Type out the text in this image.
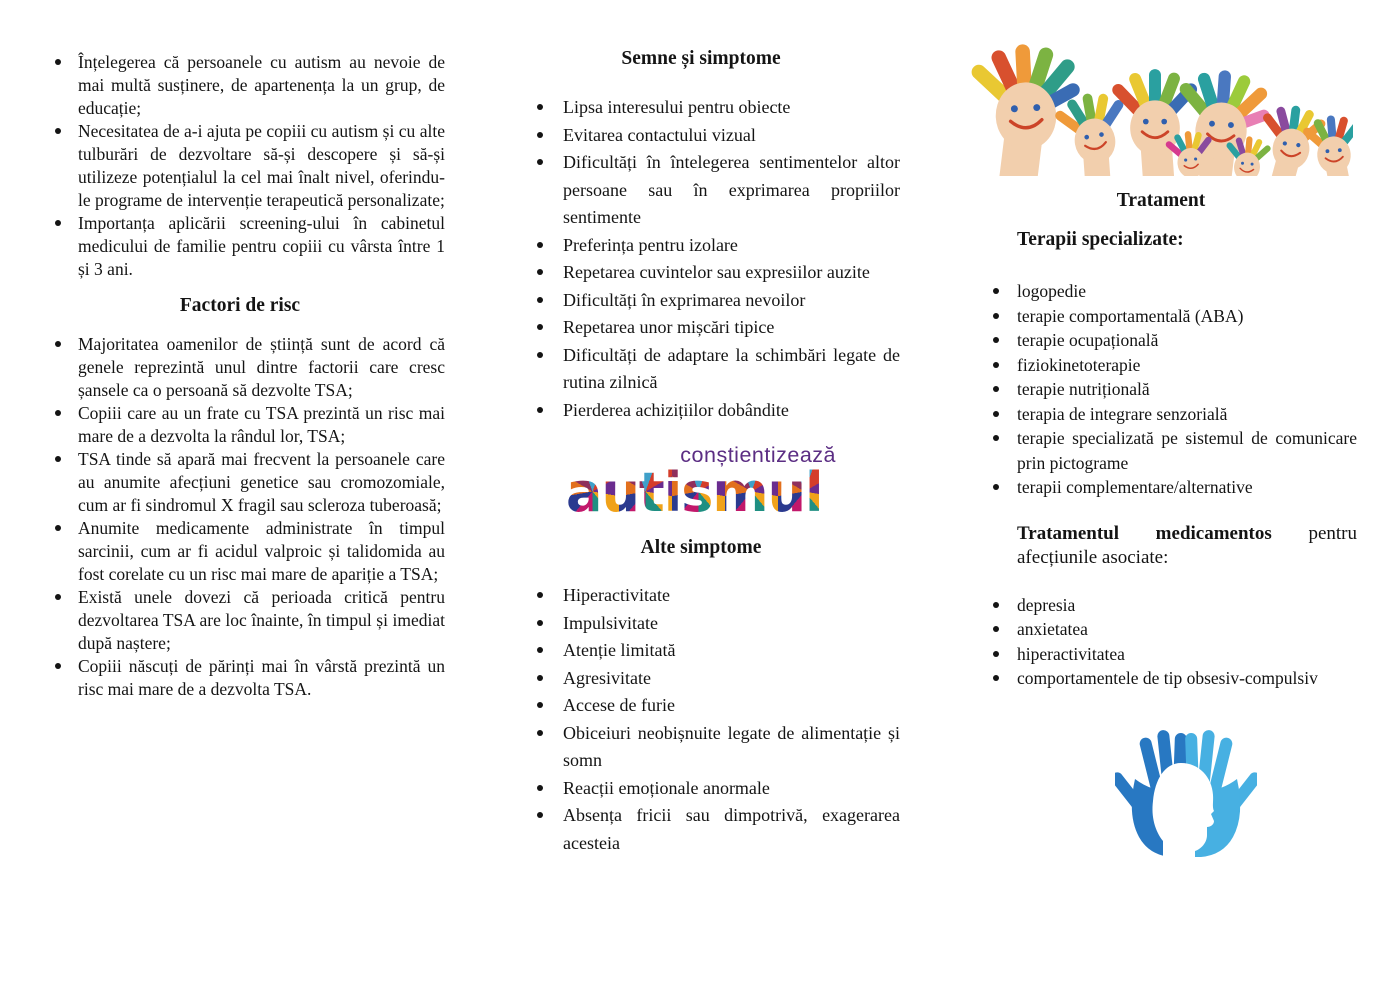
Înțelegerea că persoanele cu autism au nevoie de mai multă susținere, de apartenența la un grup, de educație;
Necesitatea de a-i ajuta pe copiii cu autism și cu alte tulburări de dezvoltare să-și descopere și să-și utilizeze potențialul la cel mai înalt nivel, oferindu-le programe de intervenție terapeutică personalizate;
Importanța aplicării screening-ului în cabinetul medicului de familie pentru copiii cu vârsta între 1 și 3 ani.
Factori de risc
Majoritatea oamenilor de știință sunt de acord că genele reprezintă unul dintre factorii care cresc șansele ca o persoană să dezvolte TSA;
Copiii care au un frate cu TSA prezintă un risc mai mare de a dezvolta la rândul lor, TSA;
TSA tinde să apară mai frecvent la persoanele care au anumite afecțiuni genetice sau cromozomiale, cum ar fi sindromul X fragil sau scleroza tuberoasă;
Anumite medicamente administrate în timpul sarcinii, cum ar fi acidul valproic și talidomida au fost corelate cu un risc mai mare de apariție a TSA;
Există unele dovezi că perioada critică pentru dezvoltarea TSA are loc înainte, în timpul și imediat după naștere;
Copiii născuți de părinți mai în vârstă prezintă un risc mai mare de a dezvolta TSA.
Semne și simptome
Lipsa interesului pentru obiecte
Evitarea contactului vizual
Dificultăți în întelegerea sentimentelor altor persoane sau în exprimarea propriilor sentimente
Preferința pentru izolare
Repetarea cuvintelor sau expresiilor auzite
Dificultăți în exprimarea nevoilor
Repetarea unor mișcări tipice
Dificultăți de adaptare la schimbări legate de rutina zilnică
Pierderea achizițiilor dobândite
conștientizează
autismul
Alte simptome
Hiperactivitate
Impulsivitate
Atenție limitată
Agresivitate
Accese de furie
Obiceiuri neobișnuite legate de alimentație și somn
Reacții emoționale anormale
Absența fricii sau dimpotrivă, exagerarea acesteia
Tratament
Terapii specializate:
logopedie
terapie comportamentală (ABA)
terapie ocupațională
fiziokinetoterapie
terapie nutrițională
terapia de integrare senzorială
terapie specializată pe sistemul de comunicare prin pictograme
terapii complementare/alternative

Tratamentul medicamentos pentru afecțiunile asociate:

depresia
anxietatea
hiperactivitatea
comportamentele de tip obsesiv-compulsiv
